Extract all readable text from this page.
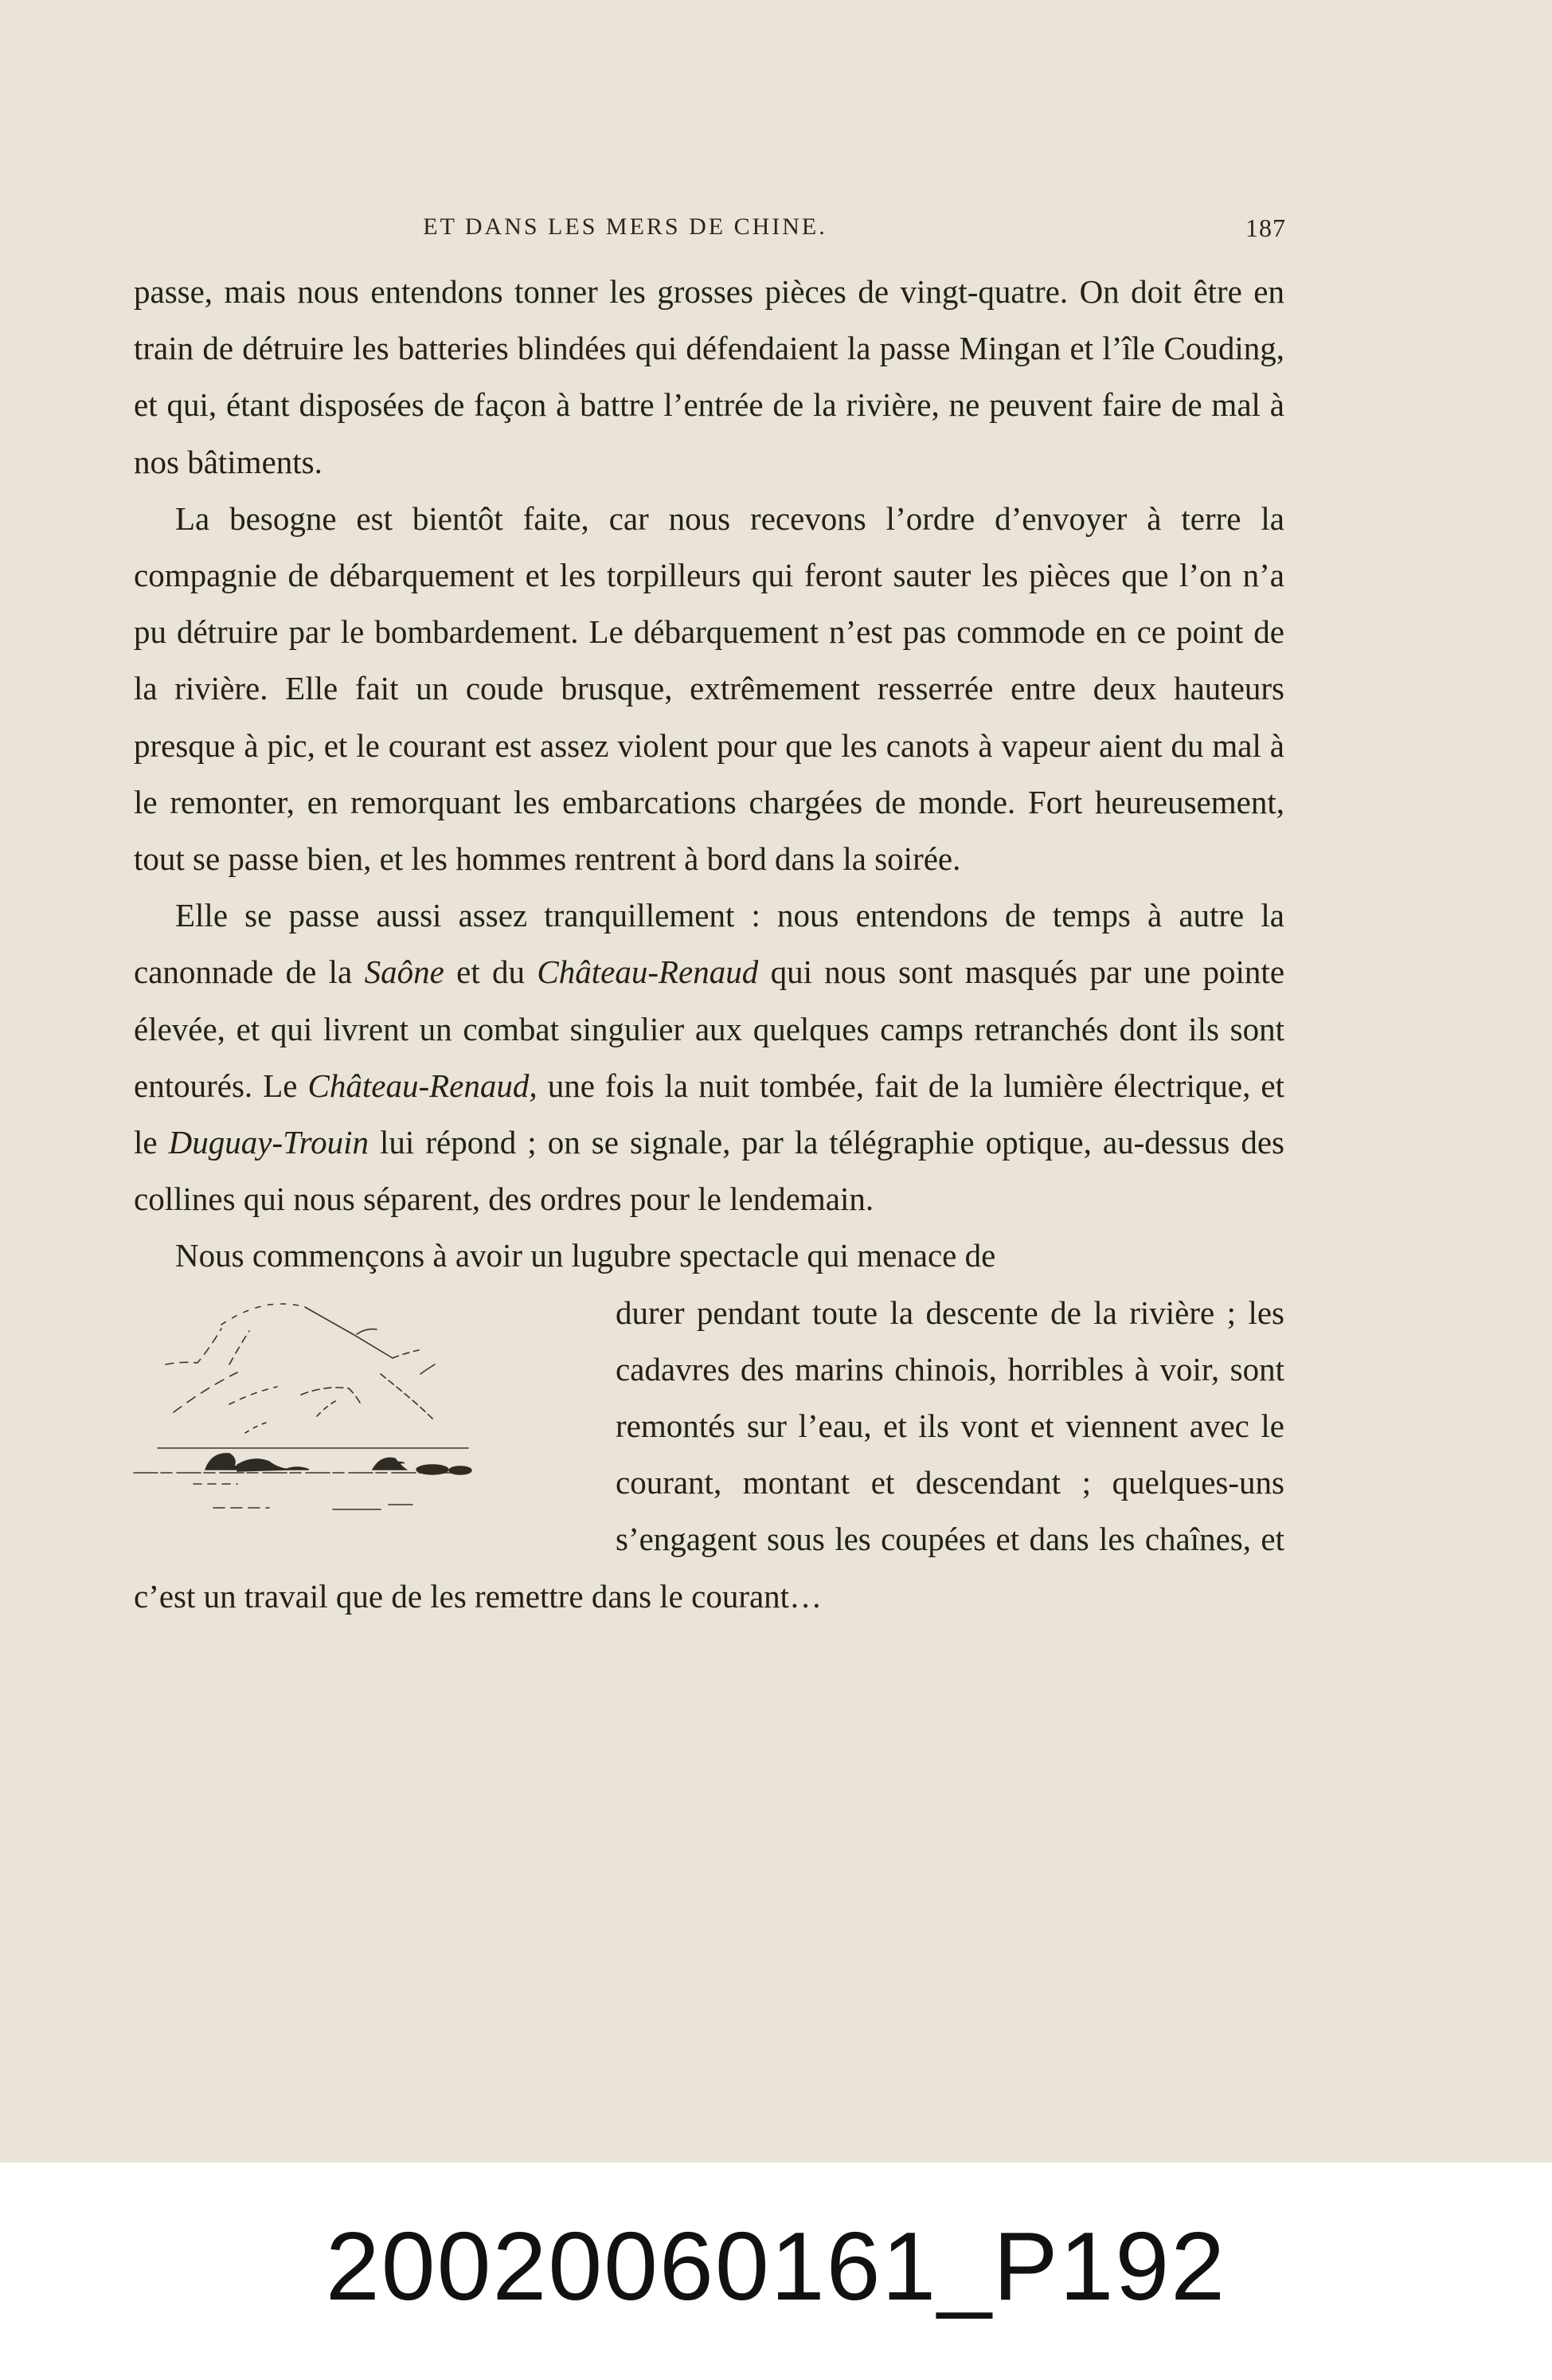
ET DANS LES MERS DE CHINE.	187

passe, mais nous entendons tonner les grosses pièces de vingt-quatre. On doit être en train de détruire les batteries blindées qui défendaient la passe Mingan et l’île Couding, et qui, étant disposées de façon à battre l’entrée de la rivière, ne peuvent faire de mal à nos bâtiments.

La besogne est bientôt faite, car nous recevons l’ordre d’envoyer à terre la compagnie de débarquement et les torpilleurs qui feront sauter les pièces que l’on n’a pu détruire par le bombardement. Le débarquement n’est pas commode en ce point de la rivière. Elle fait un coude brusque, extrêmement resserrée entre deux hauteurs presque à pic, et le courant est assez violent pour que les canots à vapeur aient du mal à le remonter, en remorquant les embarcations chargées de monde. Fort heureusement, tout se passe bien, et les hommes rentrent à bord dans la soirée.

Elle se passe aussi assez tranquillement : nous entendons de temps à autre la canonnade de la Saône et du Château-Renaud qui nous sont masqués par une pointe élevée, et qui livrent un combat singulier aux quelques camps retranchés dont ils sont entourés. Le Château-Renaud, une fois la nuit tombée, fait de la lumière électrique, et le Duguay-Trouin lui répond ; on se signale, par la télégraphie optique, au-dessus des collines qui nous séparent, des ordres pour le lendemain.

Nous commençons à avoir un lugubre spectacle qui menace de

durer pendant toute la descente de la rivière ; les cadavres des marins chinois, horribles à voir, sont remontés sur l’eau, et ils vont et viennent avec le courant, montant et descendant ; quelques-uns s’engagent sous les coupées et dans les chaînes, et c’est un travail que de les remettre dans le courant…

20020060161_P192
